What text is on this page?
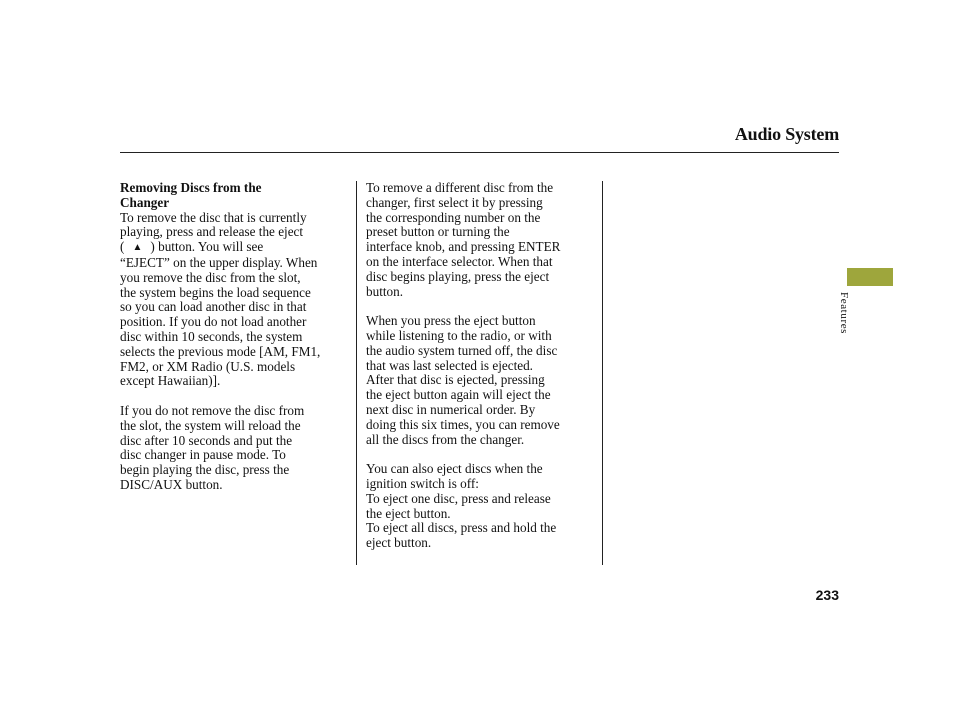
Audio System

Removing Discs from the
Changer

To remove the disc that is currently
playing, press and release the eject
( ▲ ) button. You will see
“EJECT” on the upper display. When
you remove the disc from the slot,
the system begins the load sequence
so you can load another disc in that
position. If you do not load another
disc within 10 seconds, the system
selects the previous mode [AM, FM1,
FM2, or XM Radio (U.S. models
except Hawaiian)].

If you do not remove the disc from
the slot, the system will reload the
disc after 10 seconds and put the
disc changer in pause mode. To
begin playing the disc, press the
DISC/AUX button.

To remove a different disc from the
changer, first select it by pressing
the corresponding number on the
preset button or turning the
interface knob, and pressing ENTER
on the interface selector. When that
disc begins playing, press the eject
button.

When you press the eject button
while listening to the radio, or with
the audio system turned off, the disc
that was last selected is ejected.
After that disc is ejected, pressing
the eject button again will eject the
next disc in numerical order. By
doing this six times, you can remove
all the discs from the changer.

You can also eject discs when the
ignition switch is off:
To eject one disc, press and release
the eject button.
To eject all discs, press and hold the
eject button.

Features
233
